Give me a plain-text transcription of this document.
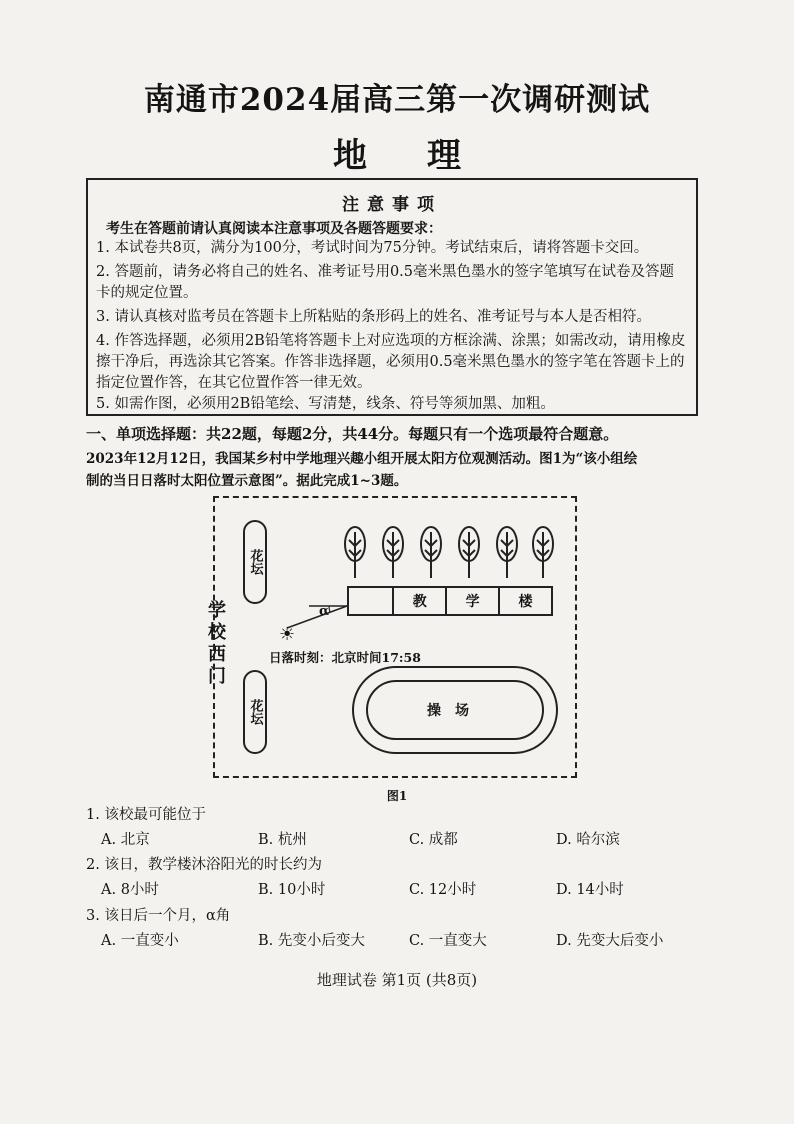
南通市2024届高三第一次调研测试
地理
注意事项
考生在答题前请认真阅读本注意事项及各题答题要求：
1. 本试卷共8页，满分为100分，考试时间为75分钟。考试结束后，请将答题卡交回。
2. 答题前，请务必将自己的姓名、准考证号用0.5毫米黑色墨水的签字笔填写在试卷及答题卡的规定位置。
3. 请认真核对监考员在答题卡上所粘贴的条形码上的姓名、准考证号与本人是否相符。
4. 作答选择题，必须用2B铅笔将答题卡上对应选项的方框涂满、涂黑；如需改动，请用橡皮擦干净后，再选涂其它答案。作答非选择题，必须用0.5毫米黑色墨水的签字笔在答题卡上的指定位置作答，在其它位置作答一律无效。
5. 如需作图，必须用2B铅笔绘、写清楚，线条、符号等须加黑、加粗。
一、单项选择题：共22题，每题2分，共44分。每题只有一个选项最符合题意。
2023年12月12日，我国某乡村中学地理兴趣小组开展太阳方位观测活动。图1为“该小组绘
制的当日日落时太阳位置示意图”。据此完成1~3题。
学
校
西
门
花坛
花坛
教	学	楼
α
☀
日落时刻：北京时间17:58
操场
图1
1. 该校最可能位于
A. 北京	B. 杭州	C. 成都	D. 哈尔滨
2. 该日，教学楼沐浴阳光的时长约为
A. 8小时	B. 10小时	C. 12小时	D. 14小时
3. 该日后一个月，α角
A. 一直变小	B. 先变小后变大	C. 一直变大	D. 先变大后变小
地理试卷 第1页 (共8页)
